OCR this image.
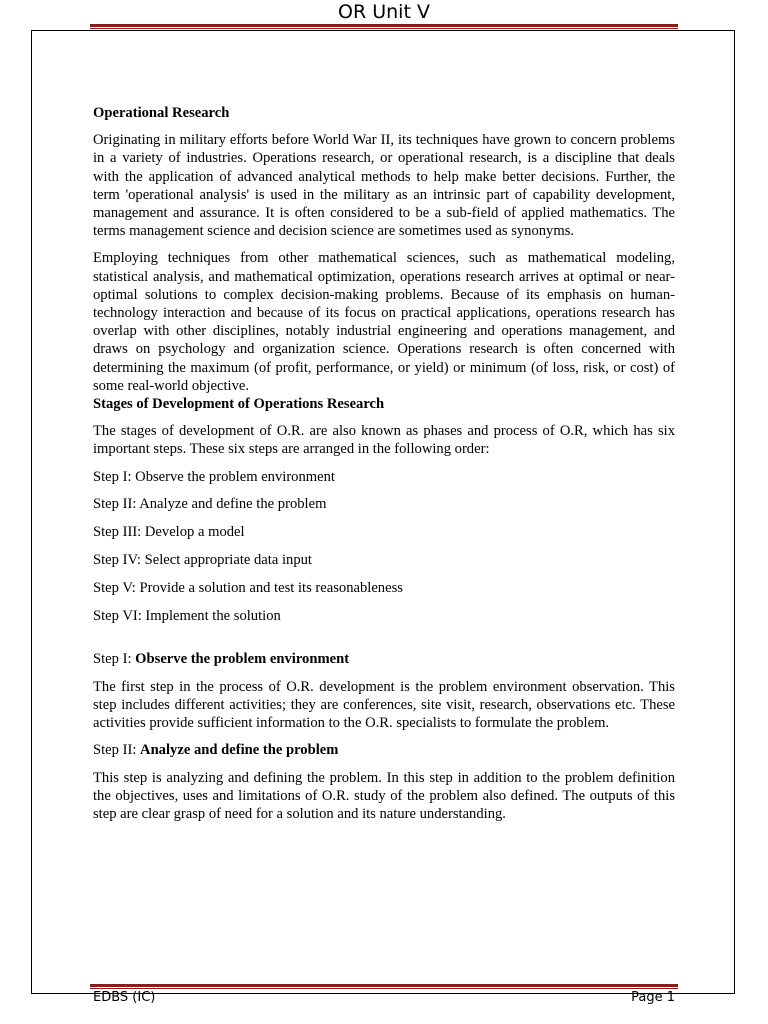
OR Unit V
Operational Research

Originating in military efforts before World War II, its techniques have grown to concern problems in a variety of industries. Operations research, or operational research, is a discipline that deals with the application of advanced analytical methods to help make better decisions. Further, the term 'operational analysis' is used in the military as an intrinsic part of capability development, management and assurance. It is often considered to be a sub-field of applied mathematics. The terms management science and decision science are sometimes used as synonyms.

Employing techniques from other mathematical sciences, such as mathematical modeling, statistical analysis, and mathematical optimization, operations research arrives at optimal or near-optimal solutions to complex decision-making problems. Because of its emphasis on human-technology interaction and because of its focus on practical applications, operations research has overlap with other disciplines, notably industrial engineering and operations management, and draws on psychology and organization science. Operations research is often concerned with determining the maximum (of profit, performance, or yield) or minimum (of loss, risk, or cost) of some real-world objective.

Stages of Development of Operations Research

The stages of development of O.R. are also known as phases and process of O.R, which has six important steps. These six steps are arranged in the following order:

Step I: Observe the problem environment

Step II: Analyze and define the problem

Step III: Develop a model

Step IV: Select appropriate data input

Step V: Provide a solution and test its reasonableness

Step VI: Implement the solution

Step I: Observe the problem environment

The first step in the process of O.R. development is the problem environment observation. This step includes different activities; they are conferences, site visit, research, observations etc. These activities provide sufficient information to the O.R. specialists to formulate the problem.

Step II: Analyze and define the problem

This step is analyzing and defining the problem. In this step in addition to the problem definition the objectives, uses and limitations of O.R. study of the problem also defined. The outputs of this step are clear grasp of need for a solution and its nature understanding.

EDBS (IC)	Page 1
